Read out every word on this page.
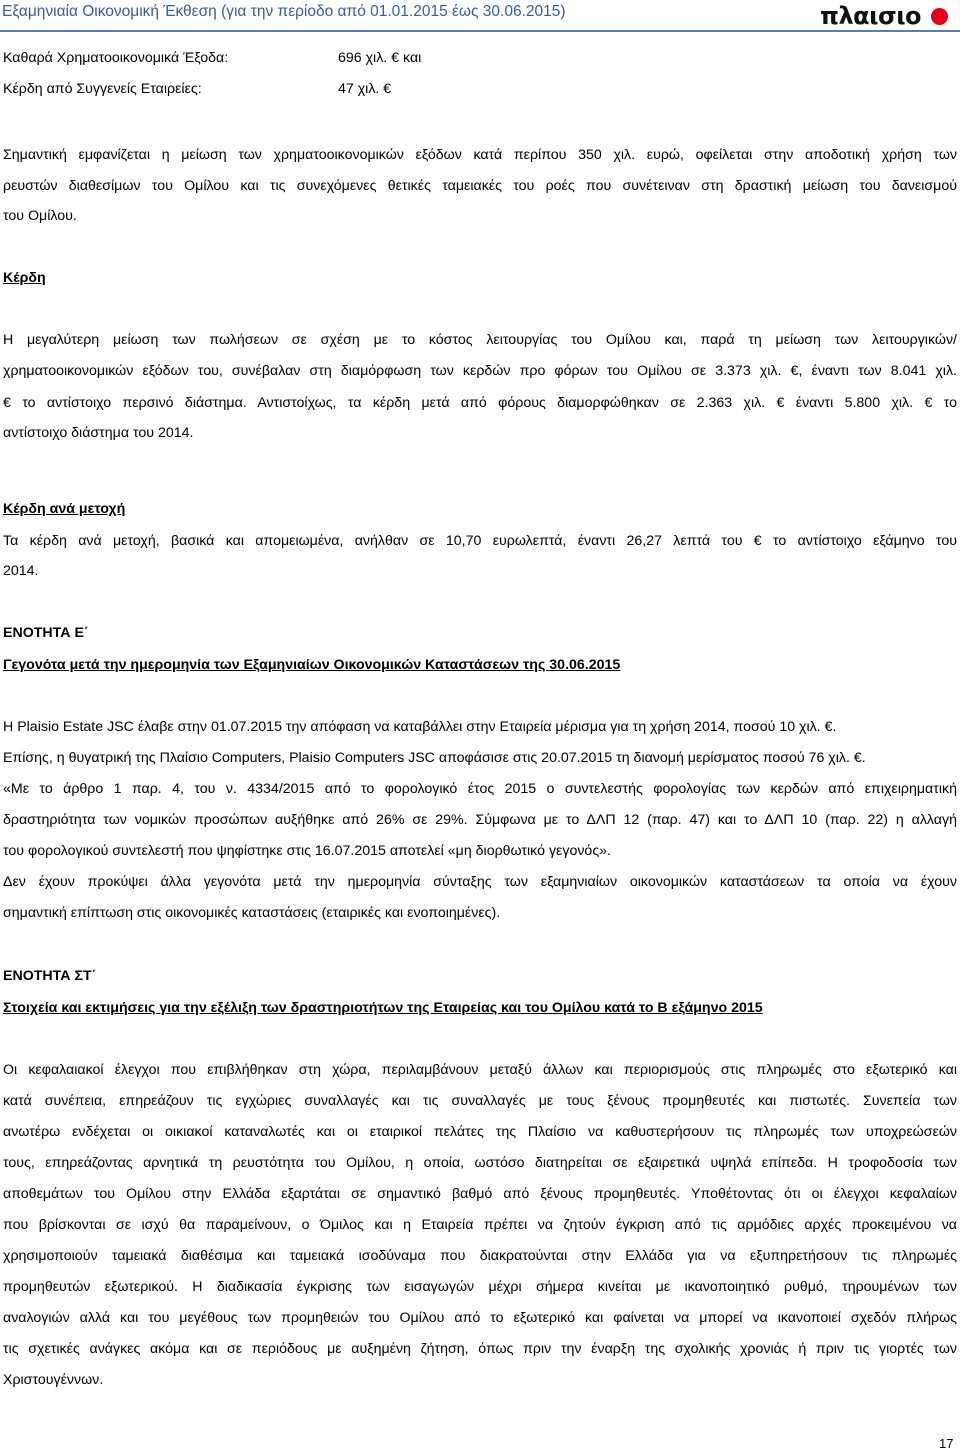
Εξαμηνιαία Οικονομική Έκθεση (για την περίοδο από 01.01.2015 έως 30.06.2015)	πλαισιο
Καθαρά Χρηματοοικονομικά Έξοδα:	696 χιλ. € και
Κέρδη από Συγγενείς Εταιρείες:	47 χιλ. €
Σημαντική εμφανίζεται η μείωση των χρηματοοικονομικών εξόδων κατά περίπου 350 χιλ. ευρώ, οφείλεται στην αποδοτική χρήση των
ρευστών διαθεσίμων του Ομίλου και τις συνεχόμενες θετικές ταμειακές του ροές που συνέτειναν στη δραστική μείωση του δανεισμού
του Ομίλου.
Κέρδη
Η μεγαλύτερη μείωση των πωλήσεων σε σχέση με το κόστος λειτουργίας του Ομίλου και, παρά τη μείωση των λειτουργικών/
χρηματοοικονομικών εξόδων του, συνέβαλαν στη διαμόρφωση των κερδών προ φόρων του Ομίλου σε 3.373 χιλ. €, έναντι των 8.041 χιλ.
€ το αντίστοιχο περσινό διάστημα. Αντιστοίχως, τα κέρδη μετά από φόρους διαμορφώθηκαν σε 2.363 χιλ. € έναντι 5.800 χιλ. € το
αντίστοιχο διάστημα του 2014.
Κέρδη ανά μετοχή
Τα κέρδη ανά μετοχή, βασικά και απομειωμένα, ανήλθαν σε 10,70 ευρωλεπτά, έναντι 26,27 λεπτά του € το αντίστοιχο εξάμηνο του
2014.
ΕΝΟΤΗΤΑ Ε΄
Γεγονότα μετά την ημερομηνία των Εξαμηνιαίων Οικονομικών Καταστάσεων της 30.06.2015
Η Plaisio Estate JSC έλαβε στην 01.07.2015 την απόφαση να καταβάλλει στην Εταιρεία μέρισμα για τη χρήση 2014, ποσού 10 χιλ. €.
Επίσης, η θυγατρική της Πλαίσιο Computers, Plaisio Computers JSC αποφάσισε στις 20.07.2015 τη διανομή μερίσματος ποσού 76 χιλ. €.
«Με το άρθρο 1 παρ. 4, του ν. 4334/2015 από το φορολογικό έτος 2015 ο συντελεστής φορολογίας των κερδών από επιχειρηματική
δραστηριότητα των νομικών προσώπων αυξήθηκε από 26% σε 29%. Σύμφωνα με το ΔΛΠ 12 (παρ. 47) και το ΔΛΠ 10 (παρ. 22) η αλλαγή
του φορολογικού συντελεστή που ψηφίστηκε στις 16.07.2015 αποτελεί «μη διορθωτικό γεγονός».
Δεν έχουν προκύψει άλλα γεγονότα μετά την ημερομηνία σύνταξης των εξαμηνιαίων οικονομικών καταστάσεων τα οποία να έχουν
σημαντική επίπτωση στις οικονομικές καταστάσεις (εταιρικές και ενοποιημένες).
ΕΝΟΤΗΤΑ ΣΤ΄
Στοιχεία και εκτιμήσεις για την εξέλιξη των δραστηριοτήτων της Εταιρείας και του Ομίλου κατά το Β εξάμηνο 2015
Οι κεφαλαιακοί έλεγχοι που επιβλήθηκαν στη χώρα, περιλαμβάνουν μεταξύ άλλων και περιορισμούς στις πληρωμές στο εξωτερικό και
κατά συνέπεια, επηρεάζουν τις εγχώριες συναλλαγές και τις συναλλαγές με τους ξένους προμηθευτές και πιστωτές. Συνεπεία των
ανωτέρω ενδέχεται οι οικιακοί καταναλωτές και οι εταιρικοί πελάτες της Πλαίσιο να καθυστερήσουν τις πληρωμές των υποχρεώσεών
τους, επηρεάζοντας αρνητικά τη ρευστότητα του Ομίλου, η οποία, ωστόσο διατηρείται σε εξαιρετικά υψηλά επίπεδα. Η τροφοδοσία των
αποθεμάτων του Ομίλου στην Ελλάδα εξαρτάται σε σημαντικό βαθμό από ξένους προμηθευτές. Υποθέτοντας ότι οι έλεγχοι κεφαλαίων
που βρίσκονται σε ισχύ θα παραμείνουν, ο Όμιλος και η Εταιρεία πρέπει να ζητούν έγκριση από τις αρμόδιες αρχές προκειμένου να
χρησιμοποιούν ταμειακά διαθέσιμα και ταμειακά ισοδύναμα που διακρατούνται στην Ελλάδα για να εξυπηρετήσουν τις πληρωμές
προμηθευτών εξωτερικού. Η διαδικασία έγκρισης των εισαγωγών μέχρι σήμερα κινείται με ικανοποιητικό ρυθμό, τηρουμένων των
αναλογιών αλλά και του μεγέθους των προμηθειών του Ομίλου από το εξωτερικό και φαίνεται να μπορεί να ικανοποιεί σχεδόν πλήρως
τις σχετικές ανάγκες ακόμα και σε περιόδους με αυξημένη ζήτηση, όπως πριν την έναρξη της σχολικής χρονιάς ή πριν τις γιορτές των
Χριστουγέννων.
17
